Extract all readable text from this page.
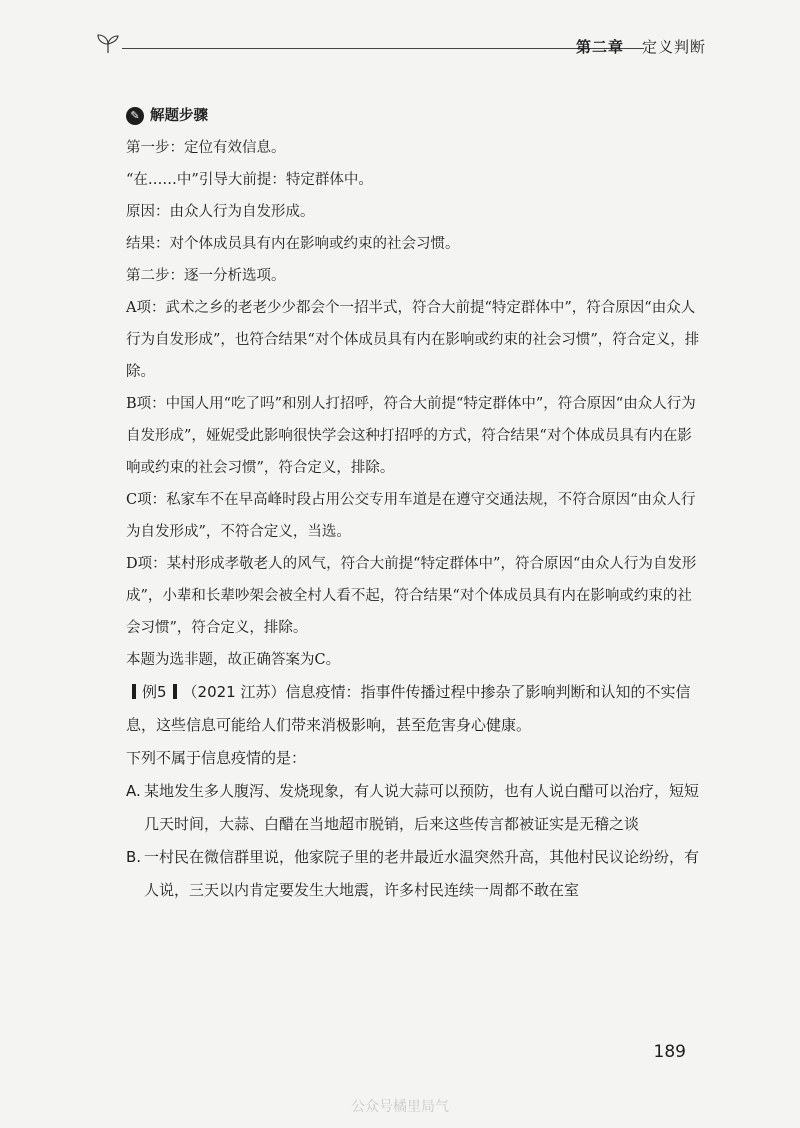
第二章 定义判断
✎ 解题步骤

第一步：定位有效信息。

“在……中”引导大前提：特定群体中。

原因：由众人行为自发形成。

结果：对个体成员具有内在影响或约束的社会习惯。

第二步：逐一分析选项。

A项：武术之乡的老老少少都会个一招半式，符合大前提“特定群体中”，符合原因“由众人行为自发形成”，也符合结果“对个体成员具有内在影响或约束的社会习惯”，符合定义，排除。

B项：中国人用“吃了吗”和别人打招呼，符合大前提“特定群体中”，符合原因“由众人行为自发形成”，娅妮受此影响很快学会这种打招呼的方式，符合结果“对个体成员具有内在影响或约束的社会习惯”，符合定义，排除。

C项：私家车不在早高峰时段占用公交专用车道是在遵守交通法规，不符合原因“由众人行为自发形成”，不符合定义，当选。

D项：某村形成孝敬老人的风气，符合大前提“特定群体中”，符合原因“由众人行为自发形成”，小辈和长辈吵架会被全村人看不起，符合结果“对个体成员具有内在影响或约束的社会习惯”，符合定义，排除。

本题为选非题，故正确答案为C。

例5 （2021 江苏）信息疫情：指事件传播过程中掺杂了影响判断和认知的不实信息，这些信息可能给人们带来消极影响，甚至危害身心健康。

下列不属于信息疫情的是：

A. 某地发生多人腹泻、发烧现象，有人说大蒜可以预防，也有人说白醋可以治疗，短短几天时间，大蒜、白醋在当地超市脱销，后来这些传言都被证实是无稽之谈
B. 一村民在微信群里说，他家院子里的老井最近水温突然升高，其他村民议论纷纷，有人说，三天以内肯定要发生大地震，许多村民连续一周都不敢在室
189
公众号橘里局气
